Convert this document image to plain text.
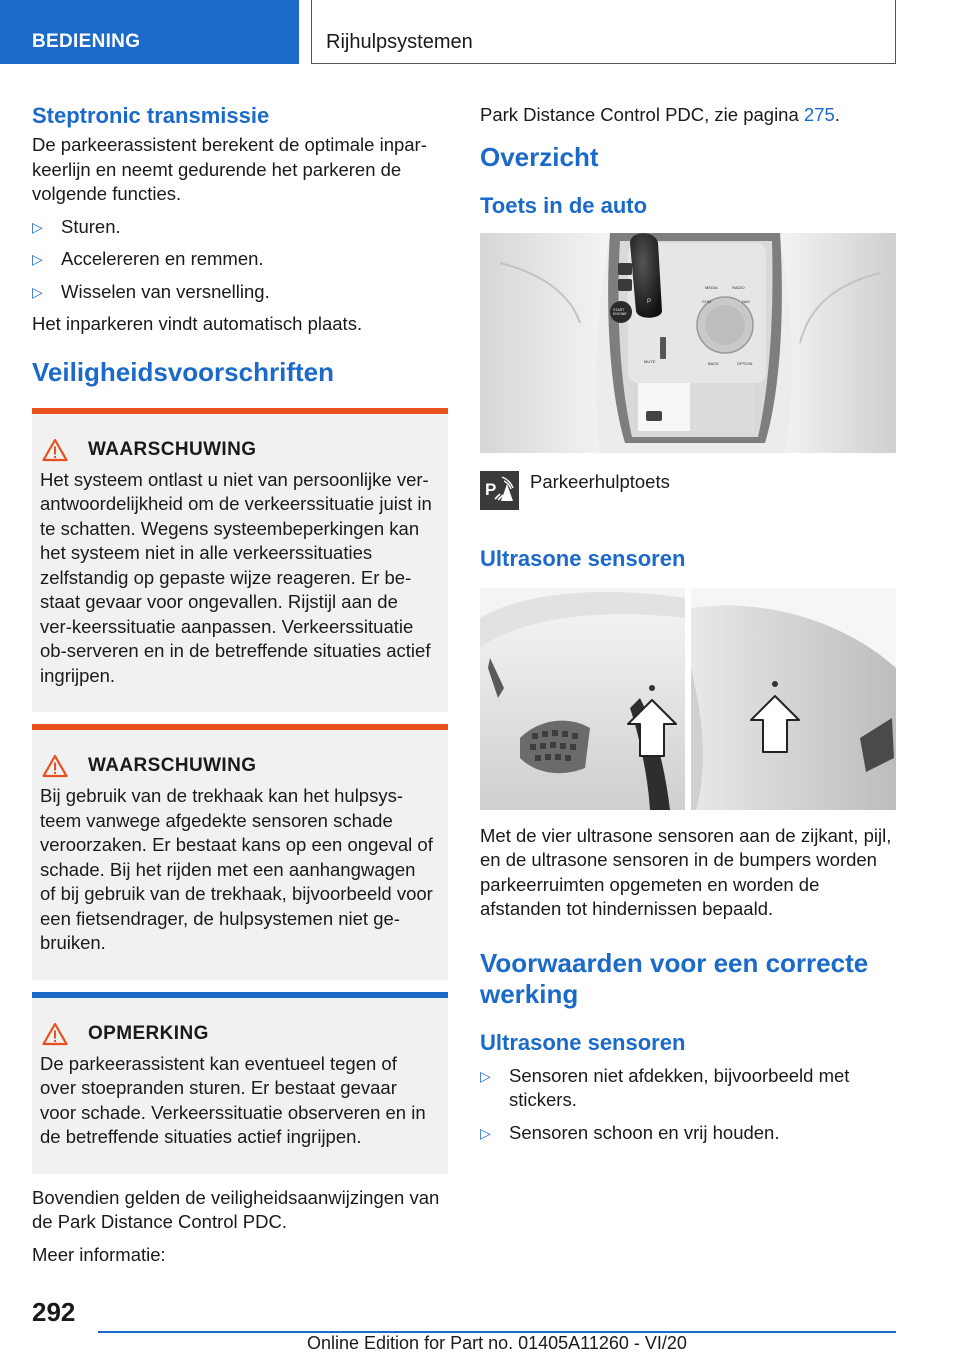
BEDIENING	Rijhulpsystemen
Steptronic transmissie

De parkeerassistent berekent de optimale inpar-keerlijn en neemt gedurende het parkeren de volgende functies.

▷ Sturen.
▷ Accelereren en remmen.
▷ Wisselen van versnelling.

Het inparkeren vindt automatisch plaats.

Veiligheidsvoorschriften
WAARSCHUWING

Het systeem ontlast u niet van persoonlijke ver-antwoordelijkheid om de verkeerssituatie juist in te schatten. Wegens systeembeperkingen kan het systeem niet in alle verkeerssituaties zelfstandig op gepaste wijze reageren. Er be-staat gevaar voor ongevallen. Rijstijl aan de ver-keerssituatie aanpassen. Verkeerssituatie ob-serveren en in de betreffende situaties actief ingrijpen.

WAARSCHUWING

Bij gebruik van de trekhaak kan het hulpsys-teem vanwege afgedekte sensoren schade veroorzaken. Er bestaat kans op een ongeval of schade. Bij het rijden met een aanhangwagen of bij gebruik van de trekhaak, bijvoorbeeld voor een fietsendrager, de hulpsystemen niet ge-bruiken.

OPMERKING

De parkeerassistent kan eventueel tegen of over stoepranden sturen. Er bestaat gevaar voor schade. Verkeerssituatie observeren en in de betreffende situaties actief ingrijpen.

Bovendien gelden de veiligheidsaanwijzingen van de Park Distance Control PDC.

Meer informatie:

Park Distance Control PDC, zie pagina 275.

Overzicht
Toets in de auto
P
START
ENGINE
MEDIA	RADIO
COM	NAV
BACK	OPTION
MUTE
P	Parkeerhulptoets
Ultrasone sensoren

Met de vier ultrasone sensoren aan de zijkant, pijl, en de ultrasone sensoren in de bumpers worden parkeerruimten opgemeten en worden de afstanden tot hindernissen bepaald.

Voorwaarden voor een correcte werking
Ultrasone sensoren
▷ Sensoren niet afdekken, bijvoorbeeld met stickers.
▷ Sensoren schoon en vrij houden.
292
Online Edition for Part no. 01405A11260 - VI/20
